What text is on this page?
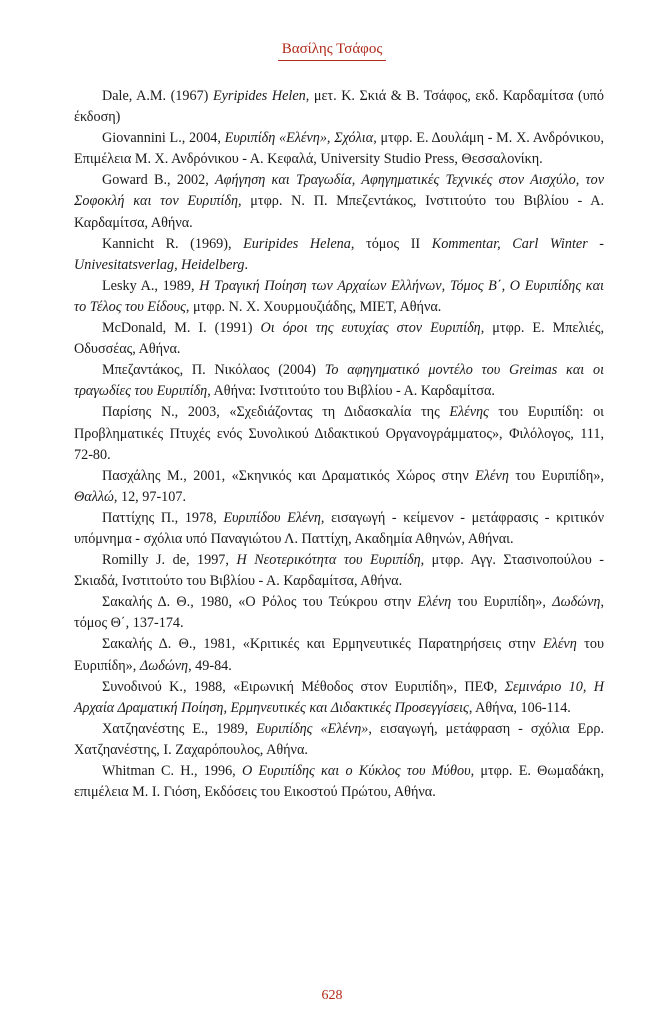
Βασίλης Τσάφος

Dale, A.M. (1967) Eyripides Helen, μετ. Κ. Σκιά & Β. Τσάφος, εκδ. Καρδαμίτσα (υπό έκδοση)

Giovannini L., 2004, Ευριπίδη «Ελένη», Σχόλια, μτφρ. Ε. Δουλάμη - Μ. Χ. Ανδρόνικου, Επιμέλεια Μ. Χ. Ανδρόνικου - Α. Κεφαλά, University Studio Press, Θεσσαλονίκη.

Goward B., 2002, Αφήγηση και Τραγωδία, Αφηγηματικές Τεχνικές στον Αισχύλο, τον Σοφοκλή και τον Ευριπίδη, μτφρ. Ν. Π. Μπεζεντάκος, Ινστιτούτο του Βιβλίου - Α. Καρδαμίτσα, Αθήνα.

Kannicht R. (1969), Euripides Helena, τόμος II Kommentar, Carl Winter - Univesitatsverlag, Heidelberg.

Lesky A., 1989, Η Τραγική Ποίηση των Αρχαίων Ελλήνων, Τόμος Β΄, Ο Ευριπίδης και το Τέλος του Είδους, μτφρ. Ν. Χ. Χουρμουζιάδης, ΜΙΕΤ, Αθήνα.

McDonald, M. I. (1991) Οι όροι της ευτυχίας στον Ευριπίδη, μτφρ. Ε. Μπελιές, Οδυσσέας, Αθήνα.

Μπεζαντάκος, Π. Νικόλαος (2004) Το αφηγηματικό μοντέλο του Greimas και οι τραγωδίες του Ευριπίδη, Αθήνα: Ινστιτούτο του Βιβλίου - Α. Καρδαμίτσα.

Παρίσης Ν., 2003, «Σχεδιάζοντας τη Διδασκαλία της Ελένης του Ευριπίδη: οι Προβληματικές Πτυχές ενός Συνολικού Διδακτικού Οργανογράμματος», Φιλόλογος, 111, 72-80.

Πασχάλης Μ., 2001, «Σκηνικός και Δραματικός Χώρος στην Ελένη του Ευριπίδη», Θαλλώ, 12, 97-107.

Παττίχης Π., 1978, Ευριπίδου Ελένη, εισαγωγή - κείμενον - μετάφρασις - κριτικόν υπόμνημα - σχόλια υπό Παναγιώτου Λ. Παττίχη, Ακαδημία Αθηνών, Αθήναι.

Romilly J. de, 1997, Η Νεοτερικότητα του Ευριπίδη, μτφρ. Αγγ. Στασινοπούλου - Σκιαδά, Ινστιτούτο του Βιβλίου - Α. Καρδαμίτσα, Αθήνα.

Σακαλής Δ. Θ., 1980, «Ο Ρόλος του Τεύκρου στην Ελένη του Ευριπίδη», Δωδώνη, τόμος Θ΄, 137-174.

Σακαλής Δ. Θ., 1981, «Κριτικές και Ερμηνευτικές Παρατηρήσεις στην Ελένη του Ευριπίδη», Δωδώνη, 49-84.

Συνοδινού Κ., 1988, «Ειρωνική Μέθοδος στον Ευριπίδη», ΠΕΦ, Σεμινάριο 10, Η Αρχαία Δραματική Ποίηση, Ερμηνευτικές και Διδακτικές Προσεγγίσεις, Αθήνα, 106-114.

Χατζηανέστης Ε., 1989, Ευριπίδης «Ελένη», εισαγωγή, μετάφραση - σχόλια Ερρ. Χατζηανέστης, Ι. Ζαχαρόπουλος, Αθήνα.

Whitman C. H., 1996, Ο Ευριπίδης και ο Κύκλος του Μύθου, μτφρ. Ε. Θωμαδάκη, επιμέλεια Μ. Ι. Γιόση, Εκδόσεις του Εικοστού Πρώτου, Αθήνα.

628
